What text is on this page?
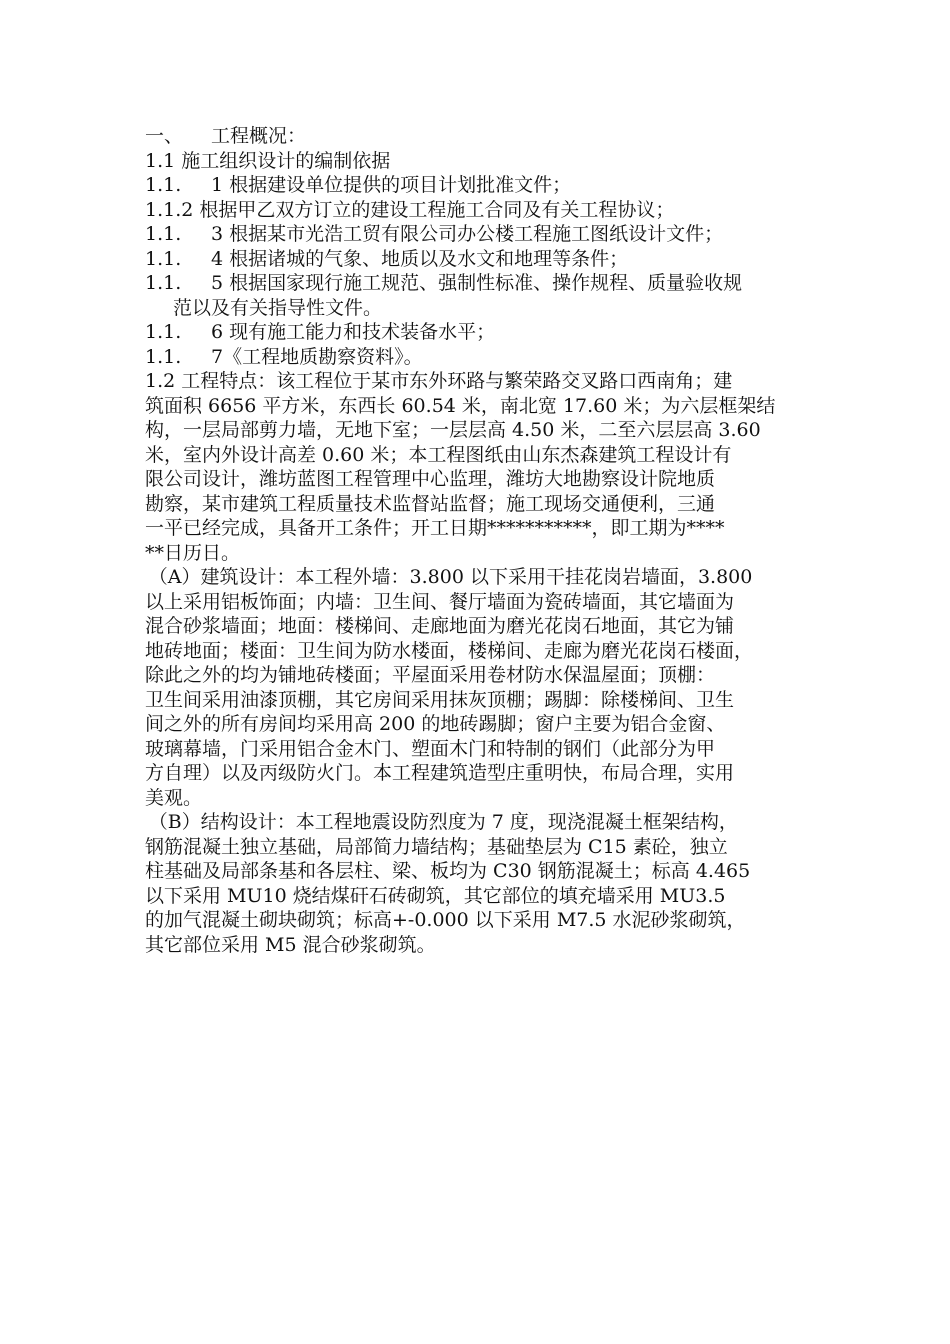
一、 工程概况：
1.1 施工组织设计的编制依据
1.1. 1 根据建设单位提供的项目计划批准文件；
1.1.2 根据甲乙双方订立的建设工程施工合同及有关工程协议；
1.1. 3 根据某市光浩工贸有限公司办公楼工程施工图纸设计文件；
1.1. 4 根据诸城的气象、地质以及水文和地理等条件；
1.1. 5 根据国家现行施工规范、强制性标准、操作规程、质量验收规
范以及有关指导性文件。
1.1. 6 现有施工能力和技术装备水平；
1.1. 7《工程地质勘察资料》。
1.2 工程特点：该工程位于某市东外环路与繁荣路交叉路口西南角；建
筑面积 6656 平方米，东西长 60.54 米，南北宽 17.60 米；为六层框架结
构，一层局部剪力墙，无地下室；一层层高 4.50 米，二至六层层高 3.60
米，室内外设计高差 0.60 米；本工程图纸由山东杰森建筑工程设计有
限公司设计，潍坊蓝图工程管理中心监理，潍坊大地勘察设计院地质
勘察，某市建筑工程质量技术监督站监督；施工现场交通便利，三通
一平已经完成，具备开工条件；开工日期***********，即工期为****
**日历日。
（A）建筑设计：本工程外墙：3.800 以下采用干挂花岗岩墙面，3.800
以上采用铝板饰面；内墙：卫生间、餐厅墙面为瓷砖墙面，其它墙面为
混合砂浆墙面；地面：楼梯间、走廊地面为磨光花岗石地面，其它为铺
地砖地面；楼面：卫生间为防水楼面，楼梯间、走廊为磨光花岗石楼面，
除此之外的均为铺地砖楼面；平屋面采用卷材防水保温屋面；顶棚：
卫生间采用油漆顶棚，其它房间采用抹灰顶棚；踢脚：除楼梯间、卫生
间之外的所有房间均采用高 200 的地砖踢脚；窗户主要为铝合金窗、
玻璃幕墙，门采用铝合金木门、塑面木门和特制的钢们（此部分为甲
方自理）以及丙级防火门。本工程建筑造型庄重明快，布局合理，实用
美观。
（B）结构设计：本工程地震设防烈度为 7 度，现浇混凝土框架结构，
钢筋混凝土独立基础，局部简力墙结构；基础垫层为 C15 素砼，独立
柱基础及局部条基和各层柱、梁、板均为 C30 钢筋混凝土；标高 4.465
以下采用 MU10 烧结煤矸石砖砌筑，其它部位的填充墙采用 MU3.5
的加气混凝土砌块砌筑；标高+-0.000 以下采用 M7.5 水泥砂浆砌筑，
其它部位采用 M5 混合砂浆砌筑。
